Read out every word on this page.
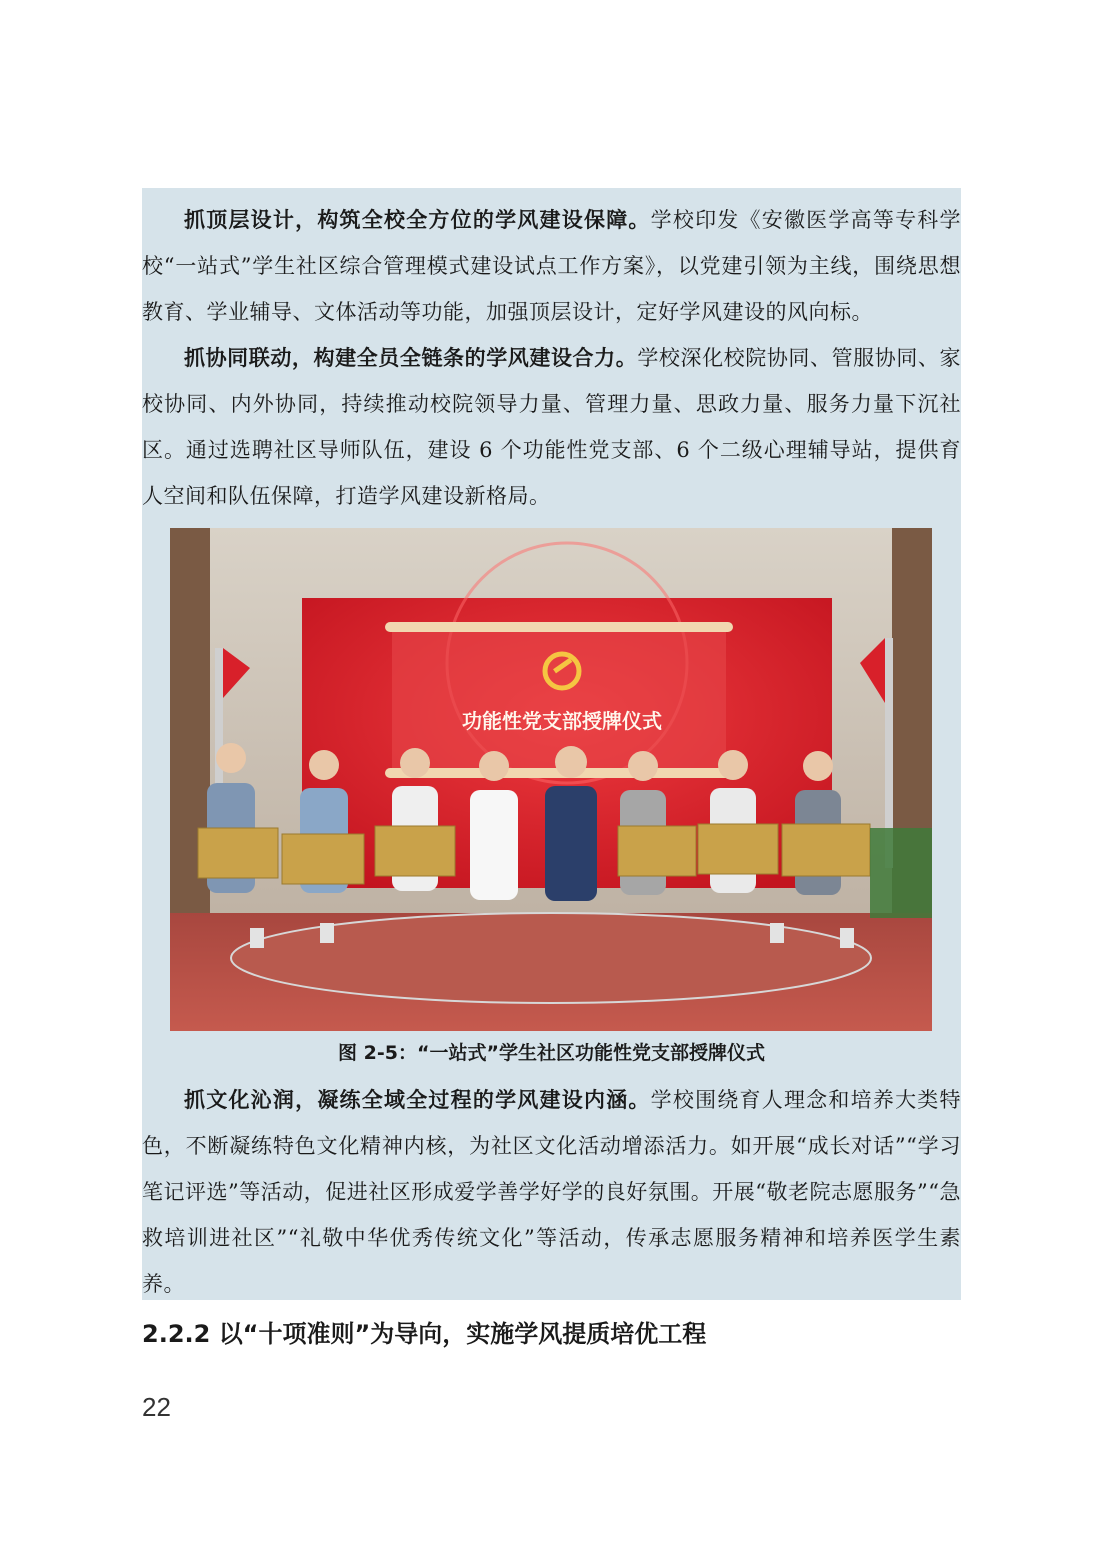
抓顶层设计，构筑全校全方位的学风建设保障。学校印发《安徽医学高等专科学校“一站式”学生社区综合管理模式建设试点工作方案》，以党建引领为主线，围绕思想教育、学业辅导、文体活动等功能，加强顶层设计，定好学风建设的风向标。

抓协同联动，构建全员全链条的学风建设合力。学校深化校院协同、管服协同、家校协同、内外协同，持续推动校院领导力量、管理力量、思政力量、服务力量下沉社区。通过选聘社区导师队伍，建设 6 个功能性党支部、6 个二级心理辅导站，提供育人空间和队伍保障，打造学风建设新格局。

功能性党支部授牌仪式
图 2-5：“一站式”学生社区功能性党支部授牌仪式

抓文化沁润，凝练全域全过程的学风建设内涵。学校围绕育人理念和培养大类特色，不断凝练特色文化精神内核，为社区文化活动增添活力。如开展“成长对话”“学习笔记评选”等活动，促进社区形成爱学善学好学的良好氛围。开展“敬老院志愿服务”“急救培训进社区”“礼敬中华优秀传统文化”等活动，传承志愿服务精神和培养医学生素养。

2.2.2 以“十项准则”为导向，实施学风提质培优工程
22
